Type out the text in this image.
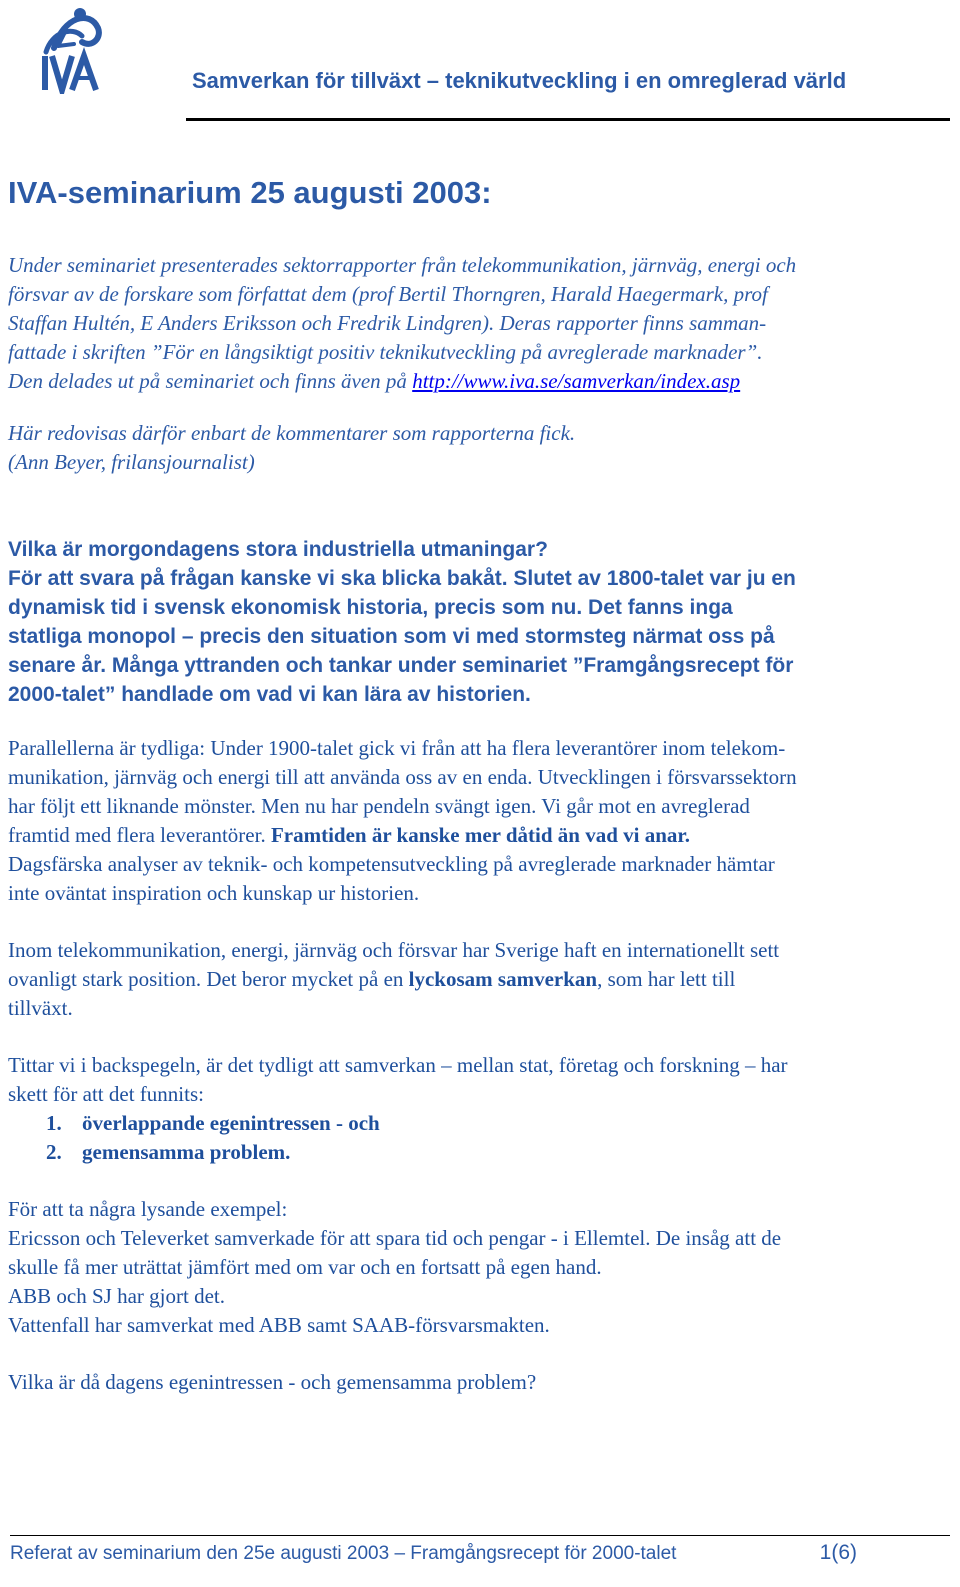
Samverkan för tillväxt – teknikutveckling i en omreglerad värld
IVA-seminarium 25 augusti 2003:

Under seminariet presenterades sektorrapporter från telekommunikation, järnväg, energi och
försvar av de forskare som författat dem (prof Bertil Thorngren, Harald Haegermark, prof
Staffan Hultén, E Anders Eriksson och Fredrik Lindgren). Deras rapporter finns samman-
fattade i skriften ”För en långsiktigt positiv teknikutveckling på avreglerade marknader”.
Den delades ut på seminariet och finns även på http://www.iva.se/samverkan/index.asp

Här redovisas därför enbart de kommentarer som rapporterna fick.
(Ann Beyer, frilansjournalist)

Vilka är morgondagens stora industriella utmaningar?
För att svara på frågan kanske vi ska blicka bakåt. Slutet av 1800-talet var ju en
dynamisk tid i svensk ekonomisk historia, precis som nu. Det fanns inga
statliga monopol – precis den situation som vi med stormsteg närmat oss på
senare år. Många yttranden och tankar under seminariet ”Framgångsrecept för
2000-talet” handlade om vad vi kan lära av historien.

Parallellerna är tydliga: Under 1900-talet gick vi från att ha flera leverantörer inom telekom-
munikation, järnväg och energi till att använda oss av en enda. Utvecklingen i försvarssektorn
har följt ett liknande mönster. Men nu har pendeln svängt igen. Vi går mot en avreglerad
framtid med flera leverantörer. Framtiden är kanske mer dåtid än vad vi anar.
Dagsfärska analyser av teknik- och kompetensutveckling på avreglerade marknader hämtar
inte oväntat inspiration och kunskap ur historien.

Inom telekommunikation, energi, järnväg och försvar har Sverige haft en internationellt sett
ovanligt stark position. Det beror mycket på en lyckosam samverkan, som har lett till
tillväxt.

Tittar vi i backspegeln, är det tydligt att samverkan – mellan stat, företag och forskning – har
skett för att det funnits:

1. överlappande egenintressen - och
2. gemensamma problem.

För att ta några lysande exempel:
Ericsson och Televerket samverkade för att spara tid och pengar - i Ellemtel. De insåg att de
skulle få mer uträttat jämfört med om var och en fortsatt på egen hand.
ABB och SJ har gjort det.
Vattenfall har samverkat med ABB samt SAAB-försvarsmakten.

Vilka är då dagens egenintressen - och gemensamma problem?

Referat av seminarium den 25e augusti 2003 – Framgångsrecept för 2000-talet	1(6)
